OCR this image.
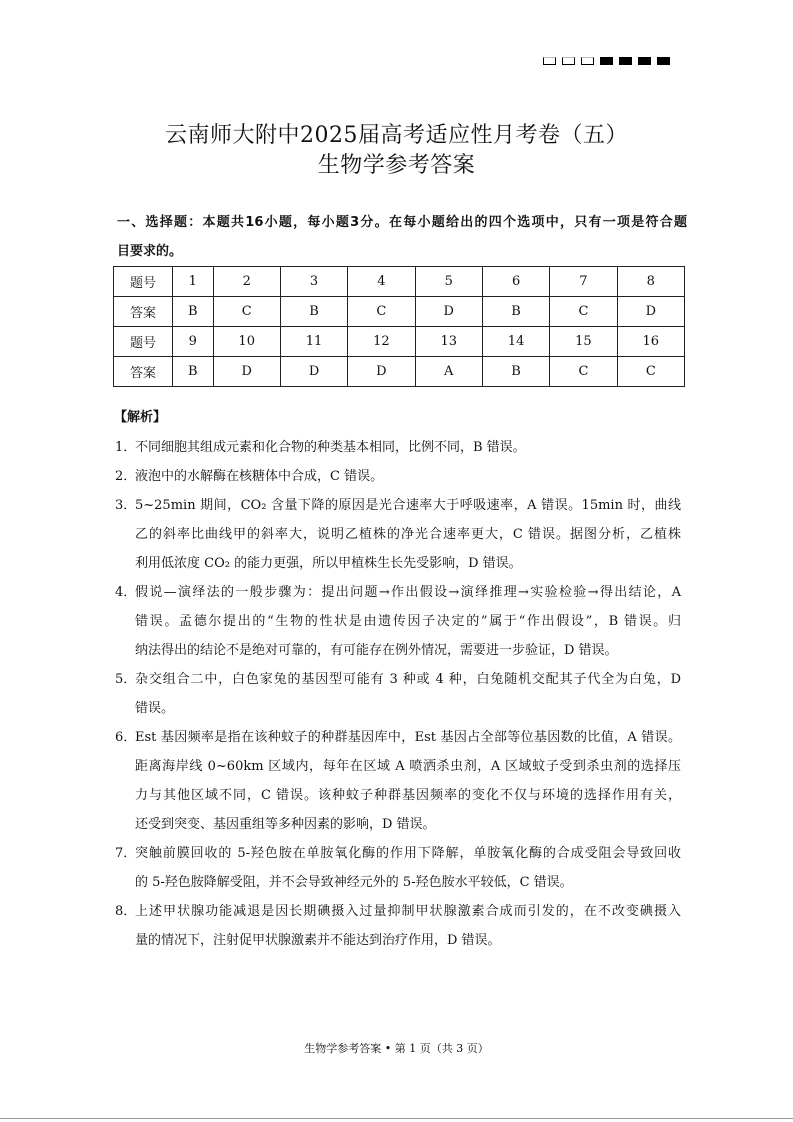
云南师大附中2025届高考适应性月考卷（五）
生物学参考答案
一、选择题：本题共16小题，每小题3分。在每小题给出的四个选项中，只有一项是符合题
目要求的。
题号	1	2	3	4	5	6	7	8
答案	B	C	B	C	D	B	C	D
题号	9	10	11	12	13	14	15	16
答案	B	D	D	D	A	B	C	C
【解析】
1．
不同细胞其组成元素和化合物的种类基本相同，比例不同，B 错误。
2．
液泡中的水解酶在核糖体中合成，C 错误。
3．
5~25min 期间，CO₂ 含量下降的原因是光合速率大于呼吸速率，A 错误。15min 时，曲线
乙的斜率比曲线甲的斜率大，说明乙植株的净光合速率更大，C 错误。据图分析，乙植株
利用低浓度 CO₂ 的能力更强，所以甲植株生长先受影响，D 错误。
4．
假说—演绎法的一般步骤为：提出问题→作出假设→演绎推理→实验检验→得出结论，A
错误。孟德尔提出的“生物的性状是由遗传因子决定的”属于“作出假设”，B 错误。归
纳法得出的结论不是绝对可靠的，有可能存在例外情况，需要进一步验证，D 错误。
5．
杂交组合二中，白色家兔的基因型可能有 3 种或 4 种，白兔随机交配其子代全为白兔，D
错误。
6．
Est 基因频率是指在该种蚊子的种群基因库中，Est 基因占全部等位基因数的比值，A 错误。
距离海岸线 0~60km 区域内，每年在区域 A 喷洒杀虫剂，A 区域蚊子受到杀虫剂的选择压
力与其他区域不同，C 错误。该种蚊子种群基因频率的变化不仅与环境的选择作用有关，
还受到突变、基因重组等多种因素的影响，D 错误。
7．
突触前膜回收的 5-羟色胺在单胺氧化酶的作用下降解，单胺氧化酶的合成受阻会导致回收
的 5-羟色胺降解受阻，并不会导致神经元外的 5-羟色胺水平较低，C 错误。
8．
上述甲状腺功能减退是因长期碘摄入过量抑制甲状腺激素合成而引发的，在不改变碘摄入
量的情况下，注射促甲状腺激素并不能达到治疗作用，D 错误。
生物学参考答案 • 第 1 页（共 3 页）
